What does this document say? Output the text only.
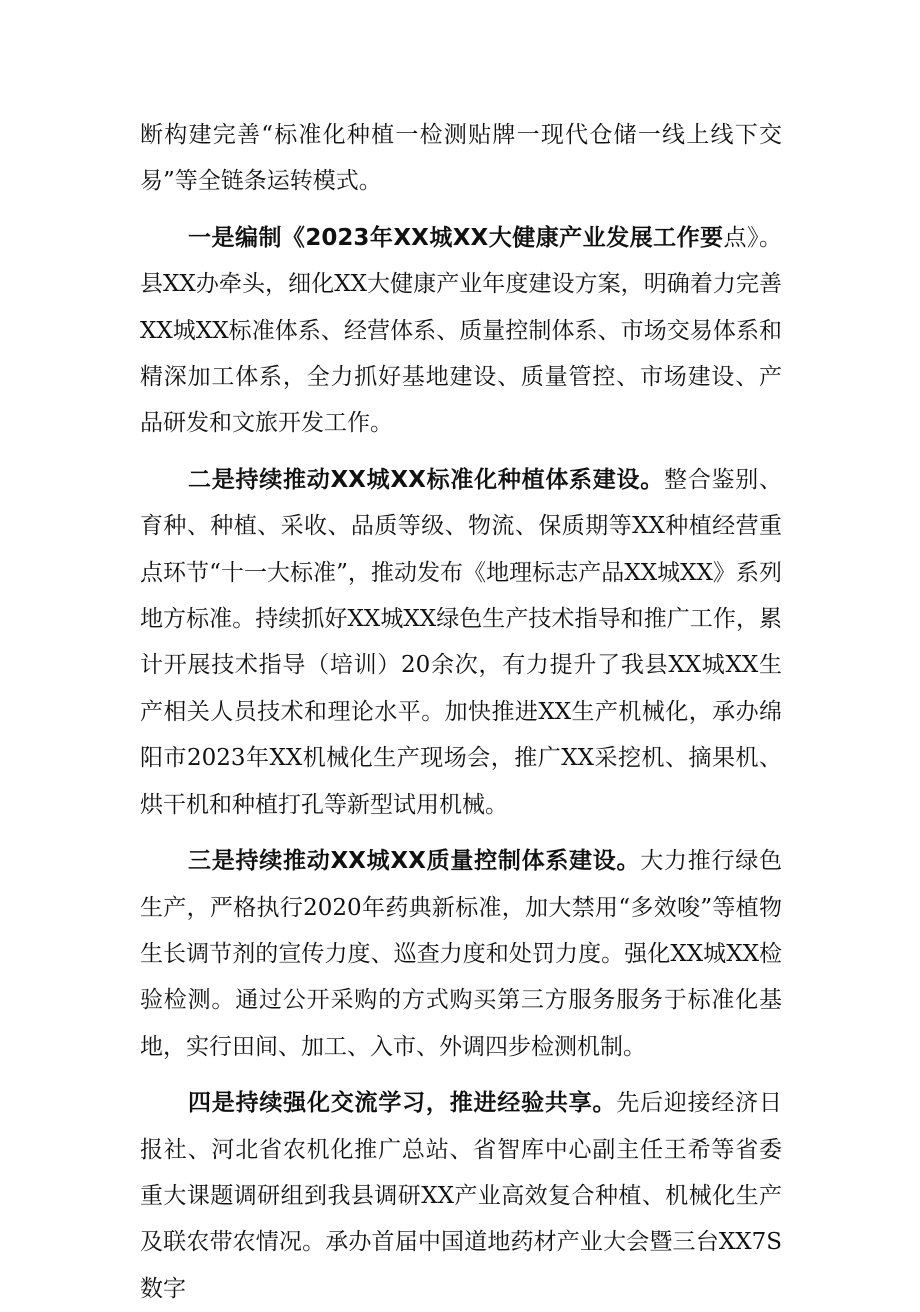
断构建完善“标准化种植一检测贴牌一现代仓储一线上线下交易”等全链条运转模式。

一是编制《2023年XX城XX大健康产业发展工作要点》。县XX办牵头，细化XX大健康产业年度建设方案，明确着力完善XX城XX标准体系、经营体系、质量控制体系、市场交易体系和精深加工体系，全力抓好基地建设、质量管控、市场建设、产品研发和文旅开发工作。

二是持续推动XX城XX标准化种植体系建设。整合鉴别、育种、种植、采收、品质等级、物流、保质期等XX种植经营重点环节“十一大标准”，推动发布《地理标志产品XX城XX》系列地方标准。持续抓好XX城XX绿色生产技术指导和推广工作，累计开展技术指导（培训）20余次，有力提升了我县XX城XX生产相关人员技术和理论水平。加快推进XX生产机械化，承办绵阳市2023年XX机械化生产现场会，推广XX采挖机、摘果机、烘干机和种植打孔等新型试用机械。

三是持续推动XX城XX质量控制体系建设。大力推行绿色生产，严格执行2020年药典新标准，加大禁用“多效唆”等植物生长调节剂的宣传力度、巡查力度和处罚力度。强化XX城XX检验检测。通过公开采购的方式购买第三方服务服务于标准化基地，实行田间、加工、入市、外调四步检测机制。

四是持续强化交流学习，推进经验共享。先后迎接经济日报社、河北省农机化推广总站、省智库中心副主任王希等省委重大课题调研组到我县调研XX产业高效复合种植、机械化生产及联农带农情况。承办首届中国道地药材产业大会暨三台XX7S数字
